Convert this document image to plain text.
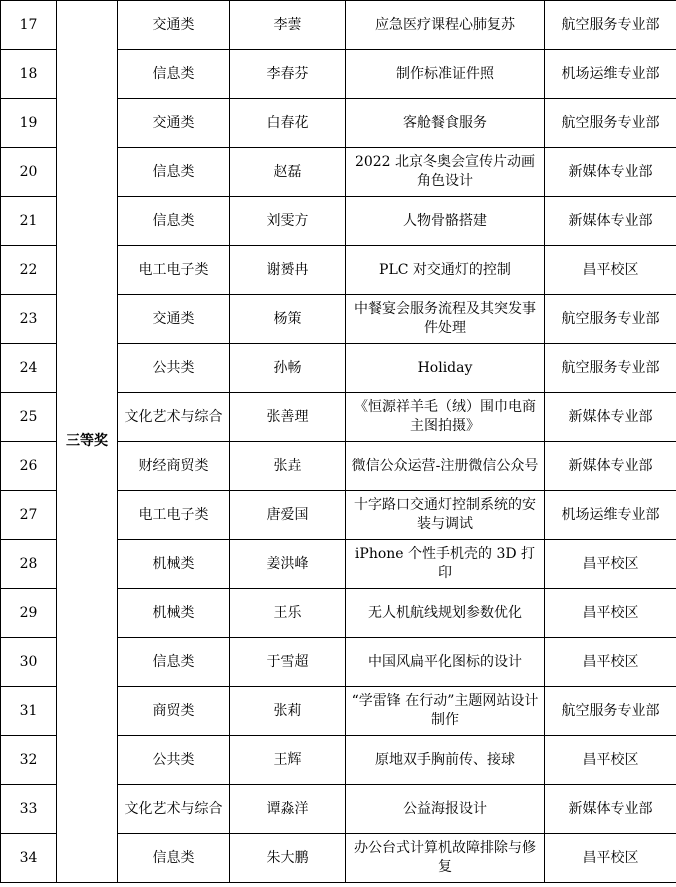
17	三等奖	交通类	李蕓	应急医疗课程心肺复苏	航空服务专业部
18		信息类	李春芬	制作标准证件照	机场运维专业部
19		交通类	白春花	客舱餐食服务	航空服务专业部
20		信息类	赵磊	2022 北京冬奥会宣传片动画角色设计	新媒体专业部
21		信息类	刘雯方	人物骨骼搭建	新媒体专业部
22		电工电子类	谢赟冉	PLC 对交通灯的控制	昌平校区
23		交通类	杨策	中餐宴会服务流程及其突发事件处理	航空服务专业部
24		公共类	孙畅	Holiday	航空服务专业部
25		文化艺术与综合	张善理	《恒源祥羊毛（绒）围巾电商主图拍摄》	新媒体专业部
26		财经商贸类	张垚	微信公众运营-注册微信公众号	新媒体专业部
27		电工电子类	唐爱国	十字路口交通灯控制系统的安装与调试	机场运维专业部
28		机械类	姜洪峰	iPhone 个性手机壳的 3D 打印	昌平校区
29		机械类	王乐	无人机航线规划参数优化	昌平校区
30		信息类	于雪超	中国风扁平化图标的设计	昌平校区
31		商贸类	张莉	“学雷锋 在行动”主题网站设计制作	航空服务专业部
32		公共类	王辉	原地双手胸前传、接球	昌平校区
33		文化艺术与综合	谭淼洋	公益海报设计	新媒体专业部
34		信息类	朱大鹏	办公台式计算机故障排除与修复	昌平校区
